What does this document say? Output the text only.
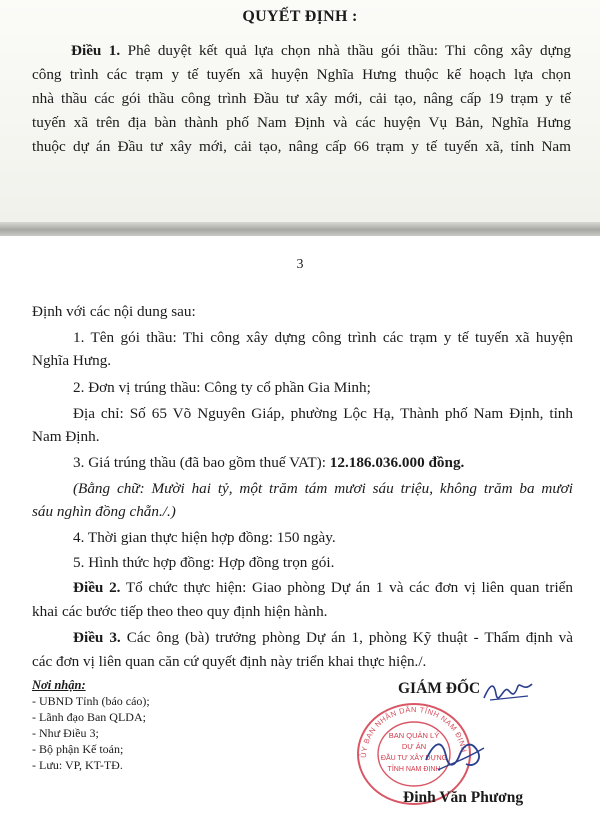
QUYẾT ĐỊNH :
Điều 1. Phê duyệt kết quả lựa chọn nhà thầu gói thầu: Thi công xây dựng
công trình các trạm y tế tuyến xã huyện Nghĩa Hưng thuộc kế hoạch lựa chọn
nhà thầu các gói thầu công trình Đầu tư xây mới, cải tạo, nâng cấp 19 trạm y tế
tuyến xã trên địa bàn thành phố Nam Định và các huyện Vụ Bản, Nghĩa Hưng
thuộc dự án Đầu tư xây mới, cải tạo, nâng cấp 66 trạm y tế tuyến xã, tỉnh Nam
3
Định với các nội dung sau:
1. Tên gói thầu: Thi công xây dựng công trình các trạm y tế tuyến xã huyện
Nghĩa Hưng.
2. Đơn vị trúng thầu: Công ty cổ phần Gia Minh;
Địa chỉ: Số 65 Võ Nguyên Giáp, phường Lộc Hạ, Thành phố Nam Định, tỉnh
Nam Định.
3. Giá trúng thầu (đã bao gồm thuế VAT): 12.186.036.000 đồng.
(Bằng chữ: Mười hai tỷ, một trăm tám mươi sáu triệu, không trăm ba mươi
sáu nghìn đồng chẵn./.)
4. Thời gian thực hiện hợp đồng: 150 ngày.
5. Hình thức hợp đồng: Hợp đồng trọn gói.
Điều 2. Tổ chức thực hiện: Giao phòng Dự án 1 và các đơn vị liên quan triển
khai các bước tiếp theo theo quy định hiện hành.
Điều 3. Các ông (bà) trưởng phòng Dự án 1, phòng Kỹ thuật - Thẩm định và
các đơn vị liên quan căn cứ quyết định này triển khai thực hiện./.
Nơi nhận:
- UBND Tỉnh (báo cáo);
- Lãnh đạo Ban QLDA;
- Như Điều 3;
- Bộ phận Kế toán;
- Lưu: VP, KT-TĐ.
GIÁM ĐỐC
ỦY BAN NHÂN DÂN TỈNH NAM ĐỊNH
BAN QUẢN LÝ
DỰ ÁN
ĐẦU TƯ XÂY DỰNG
TỈNH NAM ĐỊNH
Đinh Văn Phương
